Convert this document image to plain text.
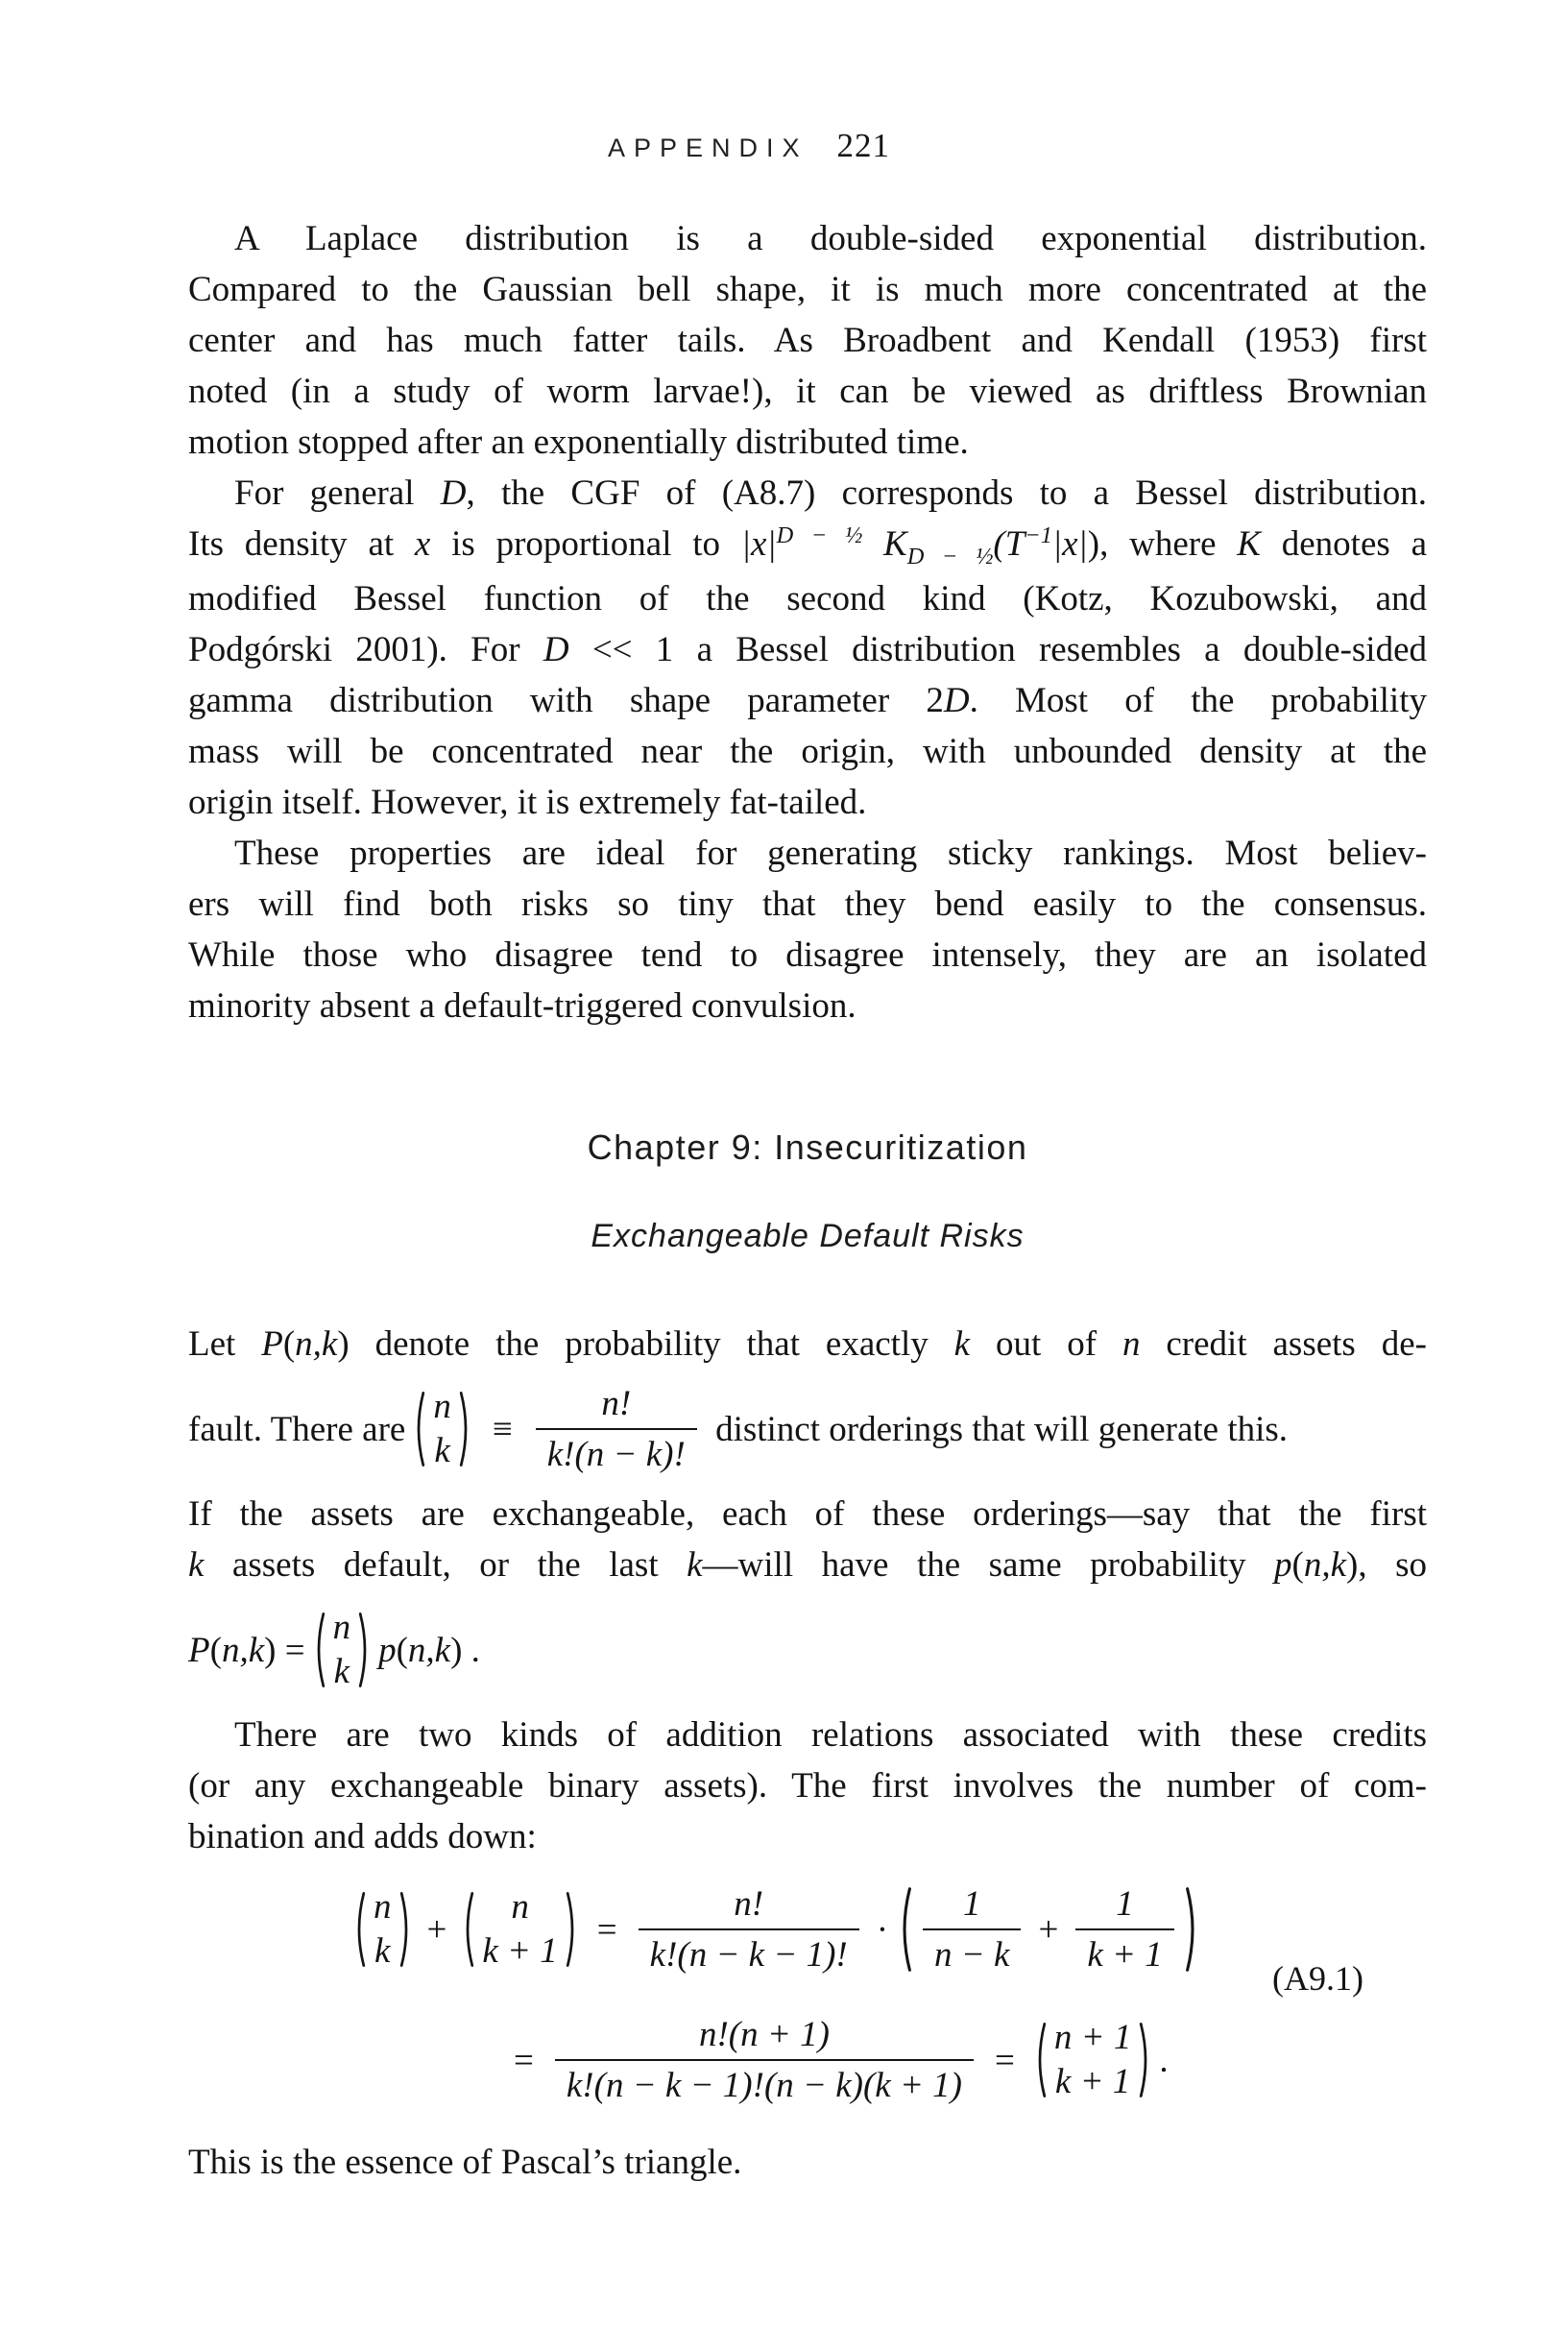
APPENDIX 221
A Laplace distribution is a double-sided exponential distribution.
Compared to the Gaussian bell shape, it is much more concentrated at the
center and has much fatter tails. As Broadbent and Kendall (1953) first
noted (in a study of worm larvae!), it can be viewed as driftless Brownian
motion stopped after an exponentially distributed time.
For general D, the CGF of (A8.7) corresponds to a Bessel distribution.
Its density at x is proportional to $|x|^{D - \frac{1}{2}}$ $K_{D - \frac{1}{2}}(T^{-1}|x|)$, where K denotes a
modified Bessel function of the second kind (Kotz, Kozubowski, and
Podgórski 2001). For D << 1 a Bessel distribution resembles a double-sided
gamma distribution with shape parameter 2D. Most of the probability
mass will be concentrated near the origin, with unbounded density at the
origin itself. However, it is extremely fat-tailed.
These properties are ideal for generating sticky rankings. Most believ-
ers will find both risks so tiny that they bend easily to the consensus.
While those who disagree tend to disagree intensely, they are an isolated
minority absent a default-triggered convulsion.
Chapter 9: Insecuritization
Exchangeable Default Risks
Let P(n,k) denote the probability that exactly k out of n credit assets de-
fault. There are
n
k
≡ $\frac{n!}{k!(n - k)!}$ distinct orderings that will generate this.
If the assets are exchangeable, each of these orderings—say that the first
k assets default, or the last k—will have the same probability p(n,k), so
P(n,k) =
n
k
p(n,k) .
There are two kinds of addition relations associated with these credits
(or any exchangeable binary assets). The first involves the number of com-
bination and adds down:
n
k
+
n
k + 1
= $\frac{n!}{k!(n - k - 1)!} \cdot \frac{1}{n - k} + \frac{1}{k + 1}$
= $\frac{n!(n + 1)}{k!(n - k - 1)!(n - k)(k + 1)}$ =
n + 1
k + 1
.
(A9.1)
This is the essence of Pascal’s triangle.
